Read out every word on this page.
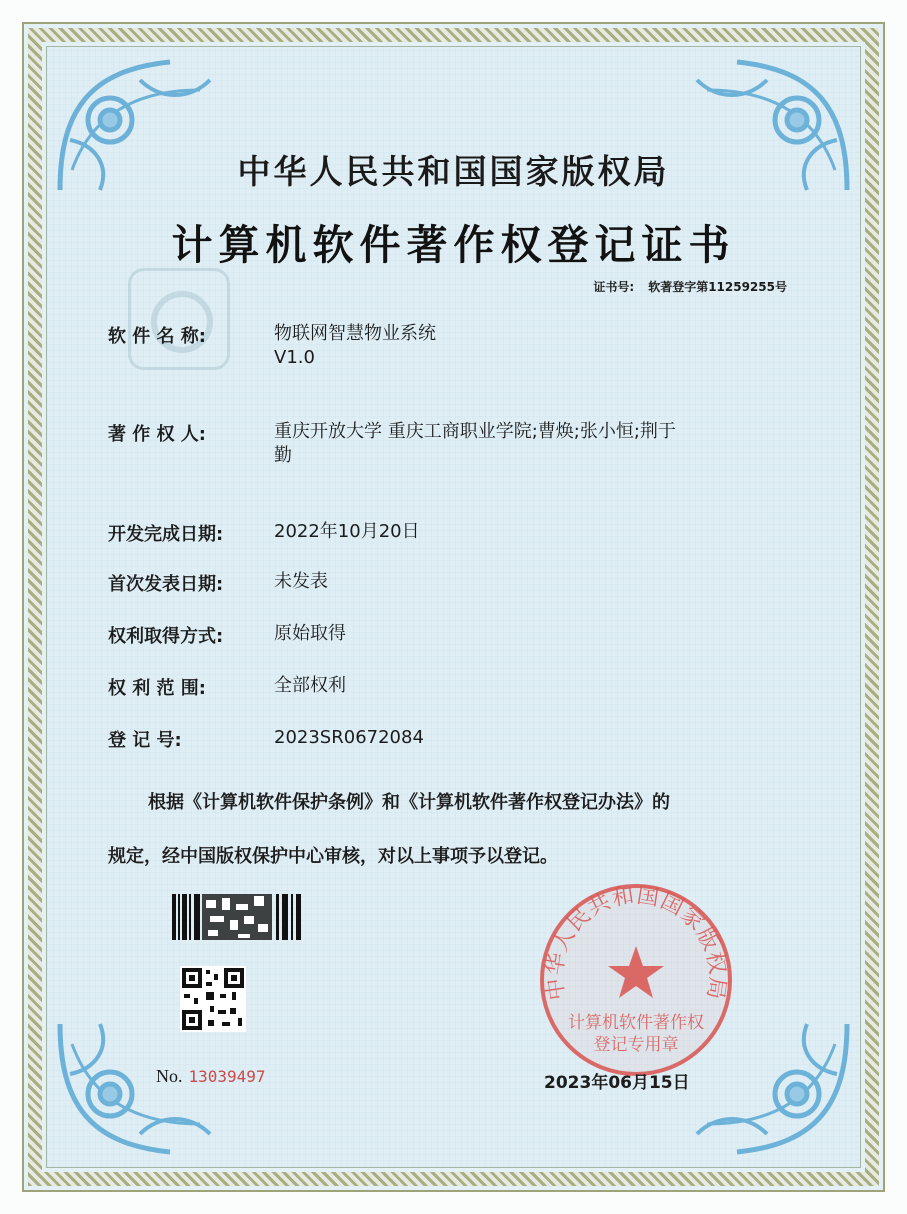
中华人民共和国国家版权局
计算机软件著作权登记证书
证书号: 软著登字第11259255号
软 件 名 称:	物联网智慧物业系统
V1.0
著 作 权 人:	重庆开放大学 重庆工商职业学院;曹焕;张小恒;荆于
勤
开发完成日期:	2022年10月20日
首次发表日期:	未发表
权利取得方式:	原始取得
权 利 范 围:	全部权利
登 记 号:	2023SR0672084
根据《计算机软件保护条例》和《计算机软件著作权登记办法》的
规定，经中国版权保护中心审核，对以上事项予以登记。
No. 13039497
中华人民共和国国家版权局
计算机软件著作权
登记专用章
2023年06月15日
